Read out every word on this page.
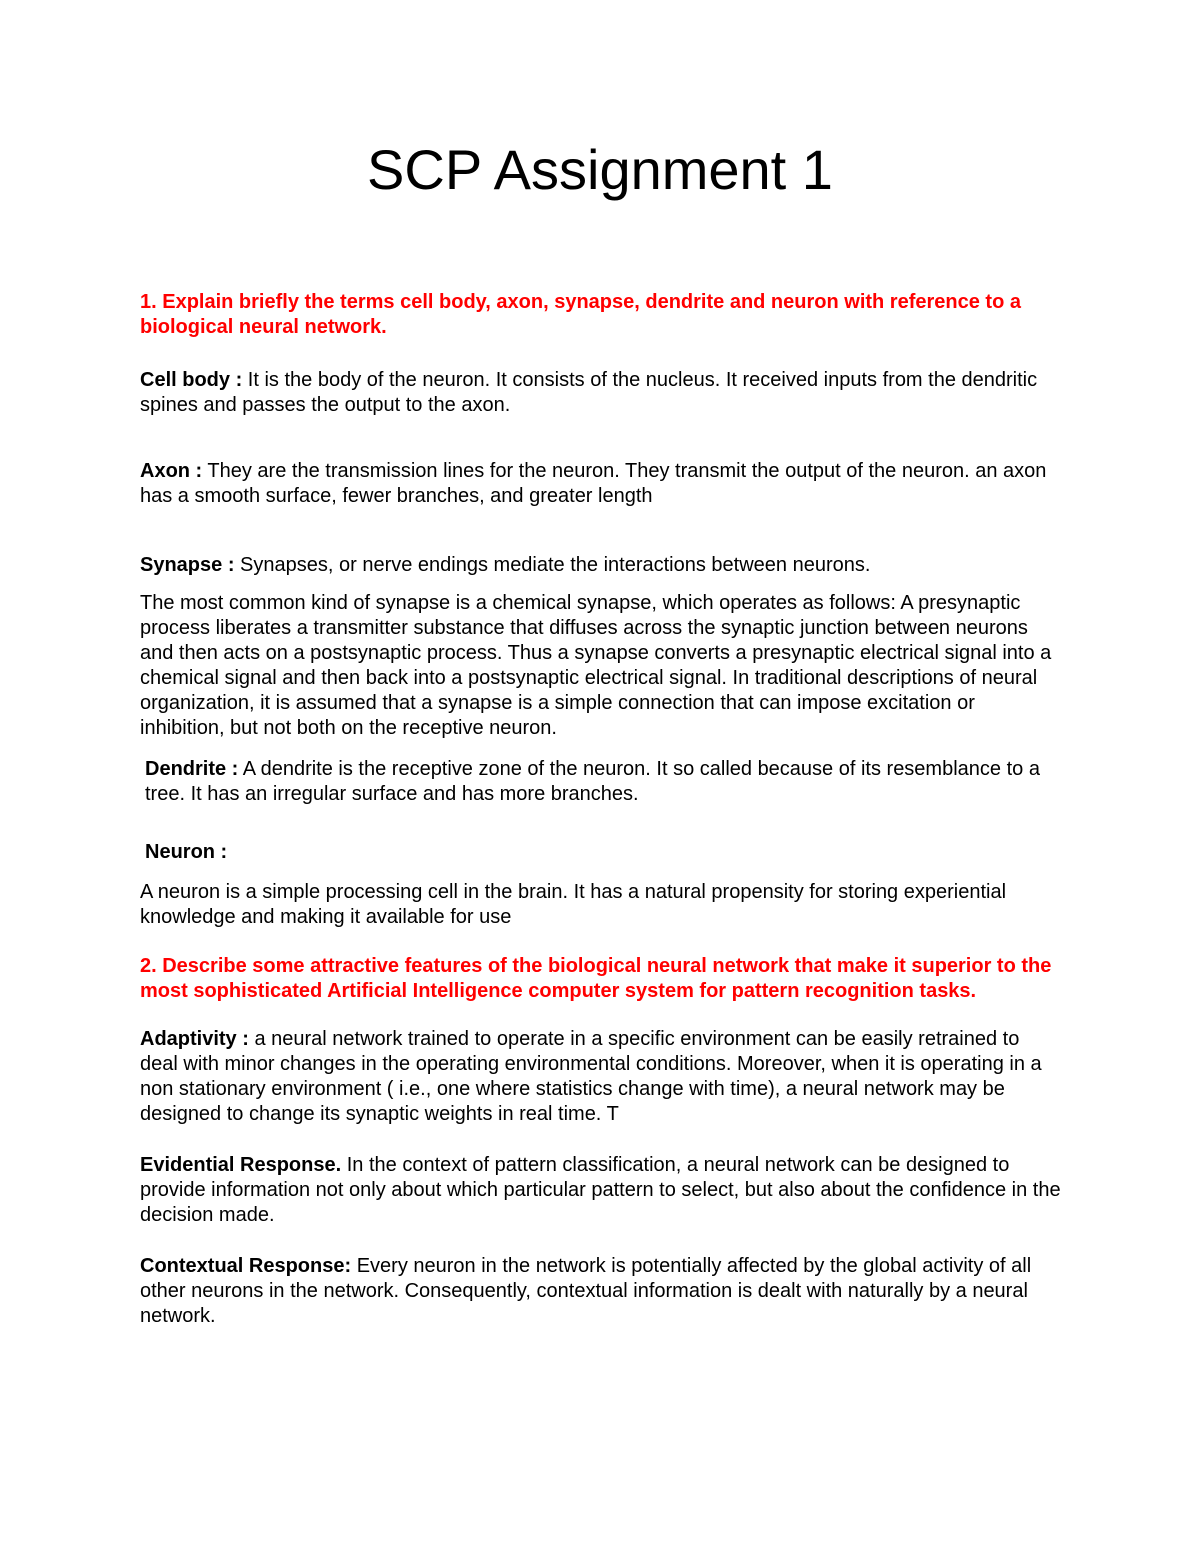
SCP Assignment 1

1. Explain briefly the terms cell body, axon, synapse, dendrite and neuron with reference to a biological neural network.

Cell body : It is the body of the neuron. It consists of the nucleus. It received inputs from the dendritic spines and passes the output to the axon.

Axon : They are the transmission lines for the neuron. They transmit the output of the neuron. an axon has a smooth surface, fewer branches, and greater length

Synapse : Synapses, or nerve endings mediate the interactions between neurons.

The most common kind of synapse is a chemical synapse, which operates as follows: A presynaptic process liberates a transmitter substance that diffuses across the synaptic junction between neurons and then acts on a postsynaptic process. Thus a synapse converts a presynaptic electrical signal into a chemical signal and then back into a postsynaptic electrical signal. In traditional descriptions of neural organization, it is assumed that a synapse is a simple connection that can impose excitation or inhibition, but not both on the receptive neuron.

Dendrite : A dendrite is the receptive zone of the neuron. It so called because of its resemblance to a tree. It has an irregular surface and has more branches.

Neuron :

A neuron is a simple processing cell in the brain. It has a natural propensity for storing experiential knowledge and making it available for use

2. Describe some attractive features of the biological neural network that make it superior to the most sophisticated Artificial Intelligence computer system for pattern recognition tasks.

Adaptivity : a neural network trained to operate in a specific environment can be easily retrained to deal with minor changes in the operating environmental conditions. Moreover, when it is operating in a non stationary environment ( i.e., one where statistics change with time), a neural network may be designed to change its synaptic weights in real time. T

Evidential Response. In the context of pattern classification, a neural network can be designed to provide information not only about which particular pattern to select, but also about the confidence in the decision made.

Contextual Response: Every neuron in the network is potentially affected by the global activity of all other neurons in the network. Consequently, contextual information is dealt with naturally by a neural network.
